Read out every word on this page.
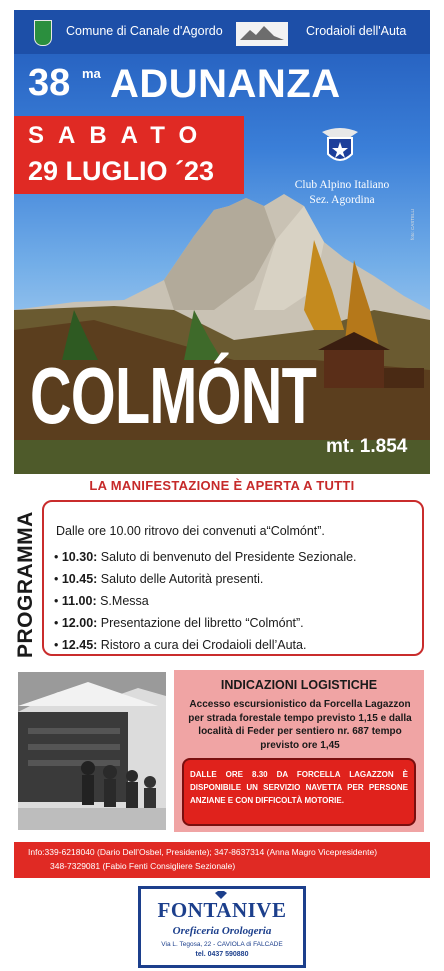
Comune di Canale d'Agordo	Crodaioli dell'Auta
38 ma ADUNANZA
SABATO
29 LUGLIO ´23	Club Alpino Italiano
Sez. Agordina
foto: CASTELLI
COLMÓNT
mt. 1.854
LA MANIFESTAZIONE È APERTA A TUTTI
PROGRAMMA Dalle ore 10.00 ritrovo dei convenuti a“Colmónt”.
• 10.30: Saluto di benvenuto del Presidente Sezionale.
• 10.45: Saluto delle Autorità presenti.
• 11.00: S.Messa
• 12.00: Presentazione del libretto “Colmónt”.
• 12.45: Ristoro a cura dei Crodaioli dell’Auta.
INDICAZIONI LOGISTICHE
Accesso escursionistico da Forcella Lagazzon per strada forestale tempo previsto 1,15 e dalla località di Feder per sentiero nr. 687 tempo previsto ore 1,45
DALLE ORE 8.30 DA FORCELLA LAGAZZON È DISPONIBILE UN SERVIZIO NAVETTA PER PERSONE ANZIANE E CON DIFFICOLTÀ MOTORIE.
Info:339-6218040 (Dario Dell’Osbel, Presidente); 347-8637314 (Anna Magro Vicepresidente)
348-7329081 (Fabio Fenti Consigliere Sezionale)
FONTANIVE
Oreficeria Orologeria
Via L. Tegosa, 22 - CAVIOLA di FALCADE
tel. 0437 590880
